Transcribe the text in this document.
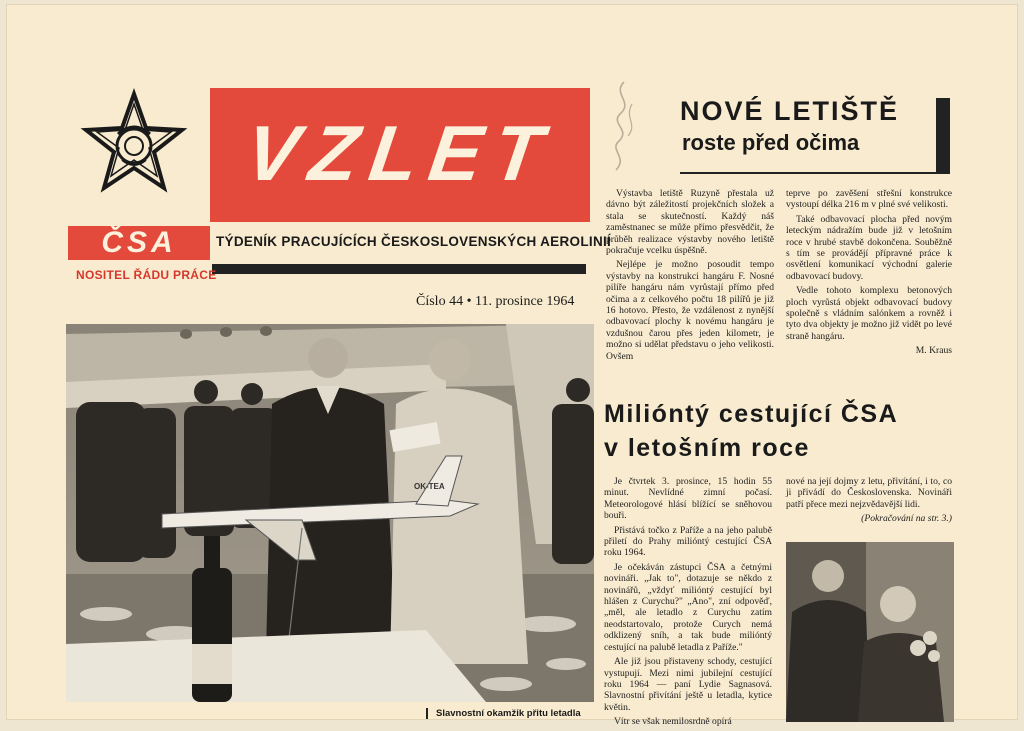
VZLET
ČSA	TÝDENÍK PRACUJÍCÍCH ČESKOSLOVENSKÝCH AEROLINIÍ
NOSITEL ŘÁDU PRÁCE
Číslo 44 • 11. prosince 1964
NOVÉ LETIŠTĚ
roste před očima

Výstavba letiště Ruzyně přestala už dávno být záležitostí projekčních složek a stala se skutečností. Každý náš zaměstnanec se může přímo přesvědčit, že průběh realizace výstavby nového letiště pokračuje vcelku úspěšně.

Nejlépe je možno posoudit tempo výstavby na konstrukci hangáru F. Nosné pilíře hangáru nám vyrůstají přímo před očima a z celkového počtu 18 pilířů je již 16 hotovo. Přesto, že vzdálenost z nynější odbavovací plochy k novému hangáru je vzdušnou čarou přes jeden kilometr, je možno si udělat představu o jeho velikosti. Ovšem

teprve po zavěšení střešní konstrukce vystoupí délka 216 m v plné své velikosti.

Také odbavovací plocha před novým leteckým nádražím bude již v letošním roce v hrubé stavbě dokončena. Souběžně s tím se provádějí přípravné práce k osvětlení komunikací východní galerie odbavovací budovy.

Vedle tohoto komplexu betonových ploch vyrůstá objekt odbavovací budovy společně s vládním salónkem a rovněž i tyto dva objekty je možno již vidět po levé straně hangáru.

M. Kraus
Milióntý cestující ČSA
v letošním roce

Je čtvrtek 3. prosince, 15 hodin 55 minut. Nevlídné zimní počasí. Meteorologové hlásí blížící se sněhovou bouři.

Přistává točko z Paříže a na jeho palubě přiletí do Prahy milióntý cestující ČSA roku 1964.

Je očekáván zástupci ČSA a četnými novináři. „Jak to", dotazuje se někdo z novinářů, „vždyť milióntý cestující byl hlášen z Curychu?" „Ano", zní odpověď, „měl, ale letadlo z Curychu zatím neodstartovalo, protože Curych nemá odklizený sníh, a tak bude milióntý cestující na palubě letadla z Paříže."

Ale již jsou přistaveny schody, cestující vystupují. Mezi nimi jubilejní cestující roku 1964 — paní Lydie Sagnasová. Slavnostní přivítání ještě u letadla, kytice květin.

Vítr se však nemilosrdně opírá

nové na její dojmy z letu, přivítání, i to, co ji přivádí do Československa. Novináři patří přece mezi nejzvědavější lidi.

(Pokračování na str. 3.)
OK-TEA
Slavnostní okamžik přitu letadla
